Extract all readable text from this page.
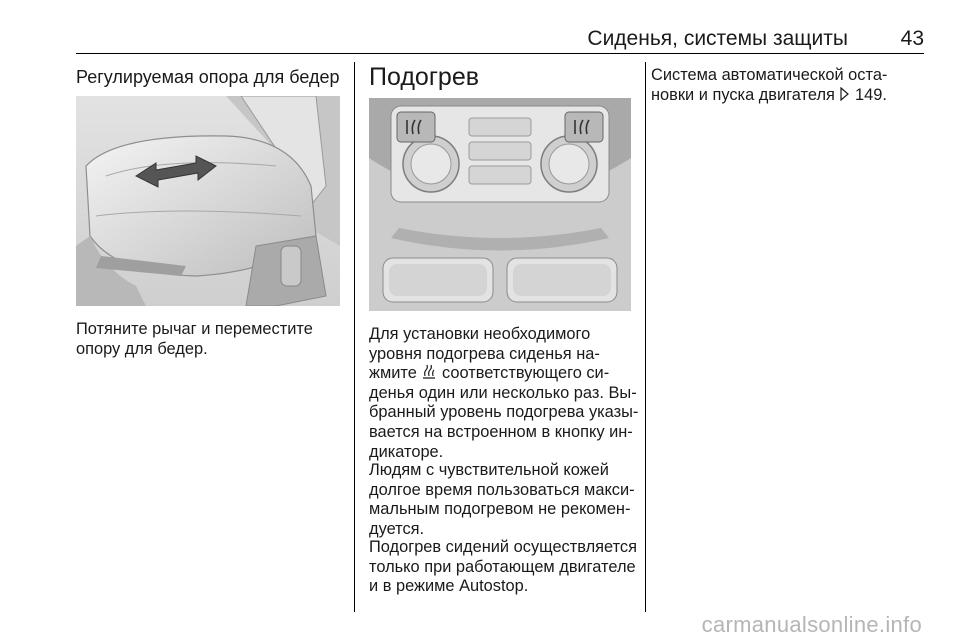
Сиденья, системы защиты	43
Регулируемая опора для бедер
Потяните рычаг и переместите
опору для бедер.
Подогрев
Для установки необходимого
уровня подогрева сиденья на-
жмите  соответствующего си-
денья один или несколько раз. Вы-
бранный уровень подогрева указы-
вается на встроенном в кнопку ин-
дикаторе.
Людям с чувствительной кожей
долгое время пользоваться макси-
мальным подогревом не рекомен-
дуется.
Подогрев сидений осуществляется
только при работающем двигателе
и в режиме Autostop.
Система автоматической оста-
новки и пуска двигателя  149.
carmanualsonline.info
